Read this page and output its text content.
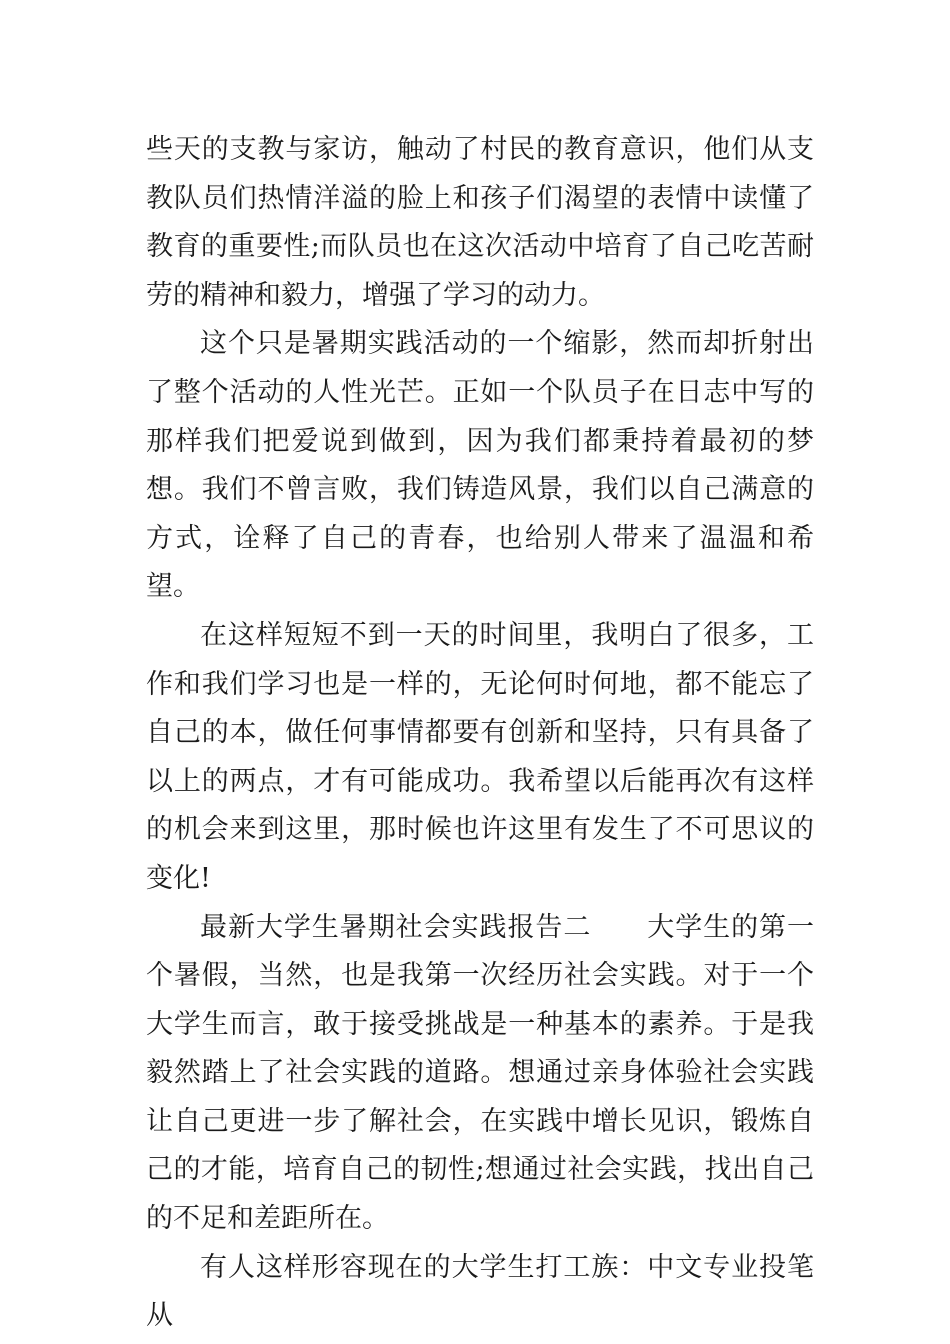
些天的支教与家访，触动了村民的教育意识，他们从支教队员们热情洋溢的脸上和孩子们渴望的表情中读懂了教育的重要性;而队员也在这次活动中培育了自己吃苦耐劳的精神和毅力，增强了学习的动力。

这个只是暑期实践活动的一个缩影，然而却折射出了整个活动的人性光芒。正如一个队员子在日志中写的那样我们把爱说到做到，因为我们都秉持着最初的梦想。我们不曾言败，我们铸造风景，我们以自己满意的方式，诠释了自己的青春，也给别人带来了温温和希望。

在这样短短不到一天的时间里，我明白了很多，工作和我们学习也是一样的，无论何时何地，都不能忘了自己的本，做任何事情都要有创新和坚持，只有具备了以上的两点，才有可能成功。我希望以后能再次有这样的机会来到这里，那时候也许这里有发生了不可思议的变化!

最新大学生暑期社会实践报告二　　大学生的第一个暑假，当然，也是我第一次经历社会实践。对于一个大学生而言，敢于接受挑战是一种基本的素养。于是我毅然踏上了社会实践的道路。想通过亲身体验社会实践让自己更进一步了解社会，在实践中增长见识，锻炼自己的才能，培育自己的韧性;想通过社会实践，找出自己的不足和差距所在。

有人这样形容现在的大学生打工族：中文专业投笔从
